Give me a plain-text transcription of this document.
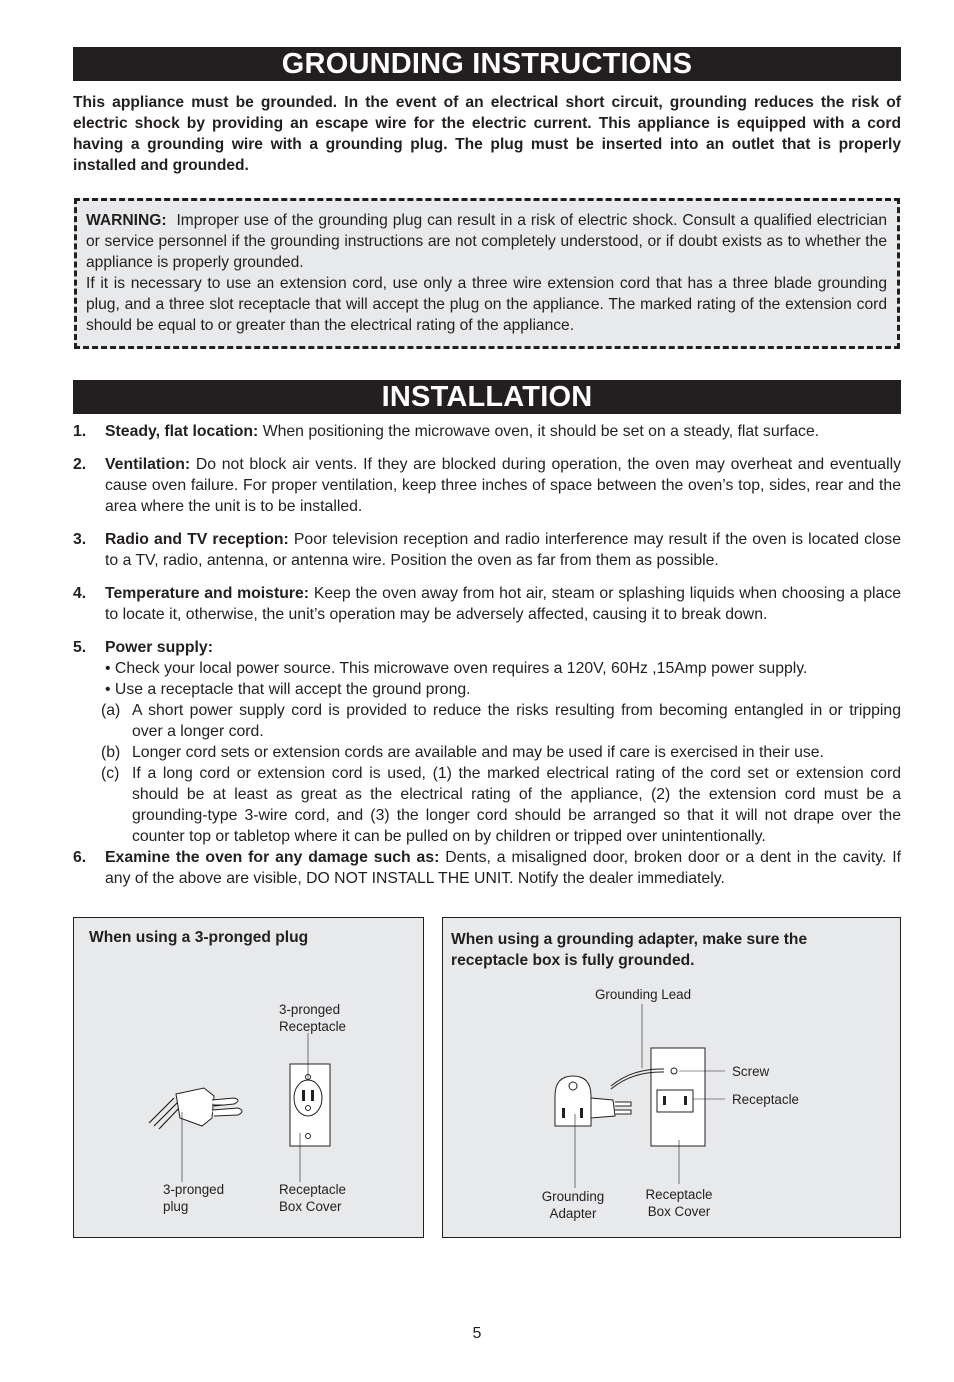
GROUNDING INSTRUCTIONS

This appliance must be grounded. In the event of an electrical short circuit, grounding reduces the risk of electric shock by providing an escape wire for the electric current. This appliance is equipped with a cord having a grounding wire with a grounding plug. The plug must be inserted into an outlet that is properly installed and grounded.

WARNING: Improper use of the grounding plug can result in a risk of electric shock. Consult a qualified electrician or service personnel if the grounding instructions are not completely understood, or if doubt exists as to whether the appliance is properly grounded.

If it is necessary to use an extension cord, use only a three wire extension cord that has a three blade grounding plug, and a three slot receptacle that will accept the plug on the appliance. The marked rating of the extension cord should be equal to or greater than the electrical rating of the appliance.

INSTALLATION
1. Steady, flat location: When positioning the microwave oven, it should be set on a steady, flat surface.
2. Ventilation: Do not block air vents. If they are blocked during operation, the oven may overheat and eventually cause oven failure. For proper ventilation, keep three inches of space between the oven’s top, sides, rear and the area where the unit is to be installed.
3. Radio and TV reception: Poor television reception and radio interference may result if the oven is located close to a TV, radio, antenna, or antenna wire. Position the oven as far from them as possible.
4. Temperature and moisture: Keep the oven away from hot air, steam or splashing liquids when choosing a place to locate it, otherwise, the unit’s operation may be adversely affected, causing it to break down.
5. Power supply:
• Check your local power source. This microwave oven requires a 120V, 60Hz ,15Amp power supply.
• Use a receptacle that will accept the ground prong.
(a) A short power supply cord is provided to reduce the risks resulting from becoming entangled in or tripping over a longer cord.
(b) Longer cord sets or extension cords are available and may be used if care is exercised in their use.
(c) If a long cord or extension cord is used, (1) the marked electrical rating of the cord set or extension cord should be at least as great as the electrical rating of the appliance, (2) the extension cord must be a grounding-type 3-wire cord, and (3) the longer cord should be arranged so that it will not drape over the counter top or tabletop where it can be pulled on by children or tripped over unintentionally.
6. Examine the oven for any damage such as: Dents, a misaligned door, broken door or a dent in the cavity. If any of the above are visible, DO NOT INSTALL THE UNIT. Notify the dealer immediately.
When using a 3-pronged plug
3-pronged
Receptacle
3-pronged
plug
Receptacle
Box Cover
When using a grounding adapter, make sure the
receptacle box is fully grounded.
Grounding Lead
Screw
Receptacle
Grounding
Adapter
Receptacle
Box Cover
5
